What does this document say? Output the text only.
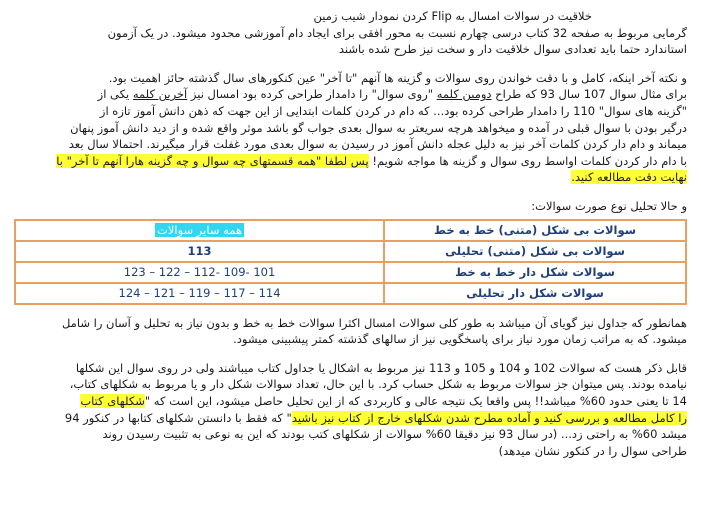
خلاقیت در سوالات امسال به Flip کردن نمودار شیب زمین
گرمایی مربوط به صفحه 32 کتاب درسی چهارم نسبت به محور افقی برای ایجاد دام آموزشی محدود میشود. در یک آزمون
استاندارد حتما باید تعدادی سوال خلاقیت دار و سخت نیز طرح شده باشند

و نکته آخر اینکه، کامل و با دقت خواندن روی سوالات و گزینه ها آنهم "تا آخر" عین کنکورهای سال گذشته حائز اهمیت بود.
برای مثال سوال 107 سال 93 که طراح دومین کلمه "روی سوال" را دامدار طراحی کرده بود امسال نیز آخرین کلمه یکی از
"گزینه های سوال" 110 را دامدار طراحی کرده بود... که دام در کردن کلمات ابتدایی از این جهت که ذهن دانش آموز تازه از
درگیر بودن با سوال قبلی در آمده و میخواهد هرچه سریعتر به سوال بعدی جواب گو باشد موثر واقع شده و از دید دانش آموز پنهان
میماند و دام دار کردن کلمات آخر نیز به دلیل عجله دانش آموز در رسیدن به سوال بعدی مورد غفلت قرار میگیرند. احتمالا سال بعد
با دام دار کردن کلمات اواسط روی سوال و گزینه ها مواجه شویم! پس لطفا "همه قسمتهای چه سوال و چه گزینه هارا آنهم تا آخر" با
نهایت دقت مطالعه کنید.

و حالا تحلیل نوع صورت سوالات:

سوالات بی شکل (متنی) خط به خط	همه سایر سوالات
سوالات بی شکل (متنی) تحلیلی	113
سوالات شکل دار خط به خط	101 -109 -112 – 122 – 123
سوالات شکل دار تحلیلی	114 – 117 – 119 – 121 – 124

همانطور که جداول نیز گویای آن میباشد به طور کلی سوالات امسال اکثرا سوالات خط به خط و بدون نیاز به تحلیل و آسان را شامل
میشود. که به مراتب زمان مورد نیاز برای پاسخگویی نیز از سالهای گذشته کمتر پیشبینی میشود.

قابل ذکر هست که سوالات 102 و 104 و 105 و 113 نیز مربوط به اشکال یا جداول کتاب میباشند ولی در روی سوال این شکلها
نیامده بودند. پس میتوان جز سوالات مربوط به شکل حساب کرد. با این حال، تعداد سوالات شکل دار و یا مربوط به شکلهای کتاب،
14 تا یعنی حدود 60% میباشد!! پس واقعا یک نتیجه عالی و کاربردی که از این تحلیل حاصل میشود، این است که "شکلهای کتاب
را کامل مطالعه و بررسی کنید و آماده مطرح شدن شکلهای خارج از کتاب نیز باشید" که فقط با دانستن شکلهای کتابها در کنکور 94
میشد 60% به راحتی زد... (در سال 93 نیز دقیقا 60% سوالات از شکلهای کتب بودند که این به نوعی به تثبیت رسیدن روند
طراحی سوال را در کنکور نشان میدهد)
